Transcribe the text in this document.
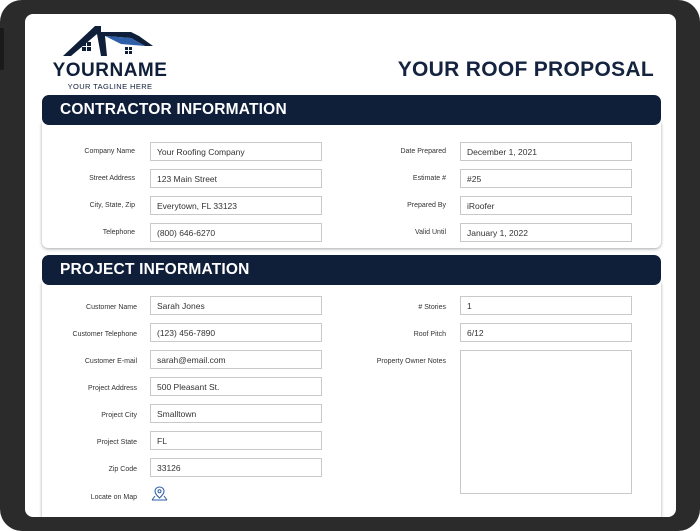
YOURNAME
YOUR TAGLINE HERE
YOUR ROOF PROPOSAL
Company Name	Your Roofing Company
Street Address	123 Main Street
City, State, Zip	Everytown, FL 33123
Telephone	(800) 646-6270
Date Prepared	December 1, 2021
Estimate #	#25
Prepared By	iRoofer
Valid Until	January 1, 2022
CONTRACTOR INFORMATION
Customer Name	Sarah Jones
Customer Telephone	(123) 456-7890
Customer E-mail	sarah@email.com
Project Address	500 Pleasant St.
Project City	Smalltown
Project State	FL
Zip Code	33126
Locate on Map
# Stories	1
Roof Pitch	6/12
Property Owner Notes
PROJECT INFORMATION
